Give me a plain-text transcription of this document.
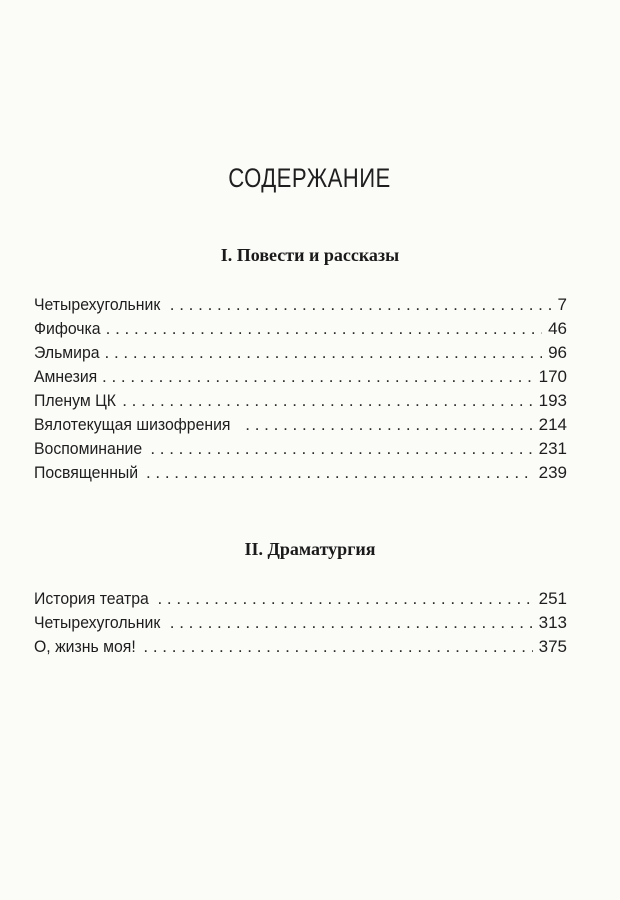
СОДЕРЖАНИЕ
I. Повести и рассказы
Четырехугольник . . .	7
Фифочка . . .	46
Эльмира . . .	96
Амнезия . . .	170
Пленум ЦК . . .	193
Вялотекущая шизофрения . . .	214
Воспоминание . . .	231
Посвященный . . .	239
II. Драматургия
История театра . . .	251
Четырехугольник . . .	313
О, жизнь моя! . . .	375
